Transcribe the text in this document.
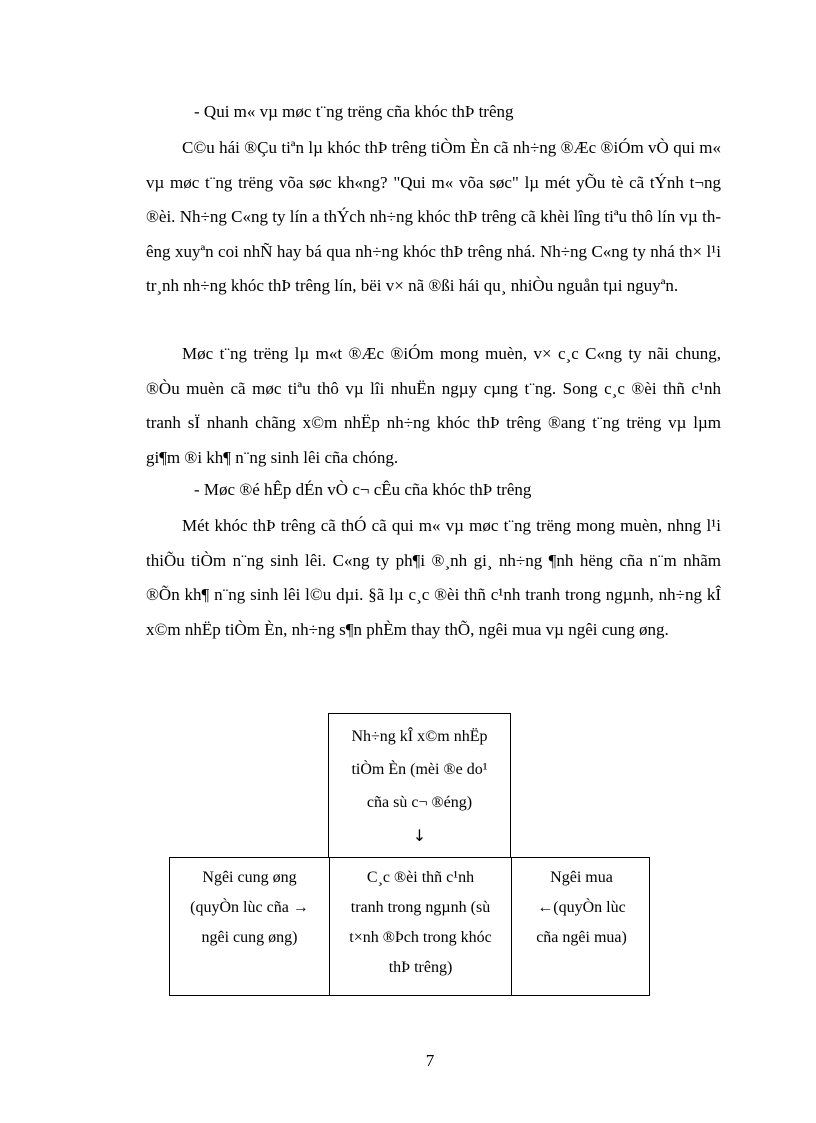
- Qui m« vµ møc t¨ng trëng cña khóc thÞ trêng
C©u hái ®Çu tiªn lµ khóc thÞ trêng tiÒm Èn cã nh÷ng ®Æc ®iÓm vÒ qui m« vµ møc t¨ng trëng võa søc kh«ng? "Qui m« võa søc" lµ mét yÕu tè cã tÝnh t¬ng ®èi. Nh÷ng C«ng ty lín a thÝch nh÷ng khóc thÞ trêng cã khèi lîng tiªu thô lín vµ thêng xuyªn coi nhÑ hay bá qua nh÷ng khóc thÞ trêng nhá. Nh÷ng C«ng ty nhá th× l¹i tr¸nh nh÷ng khóc thÞ trêng lín, bëi v× nã ®ßi hái qu¸ nhiÒu nguån tµi nguyªn.
Møc t¨ng trëng lµ m«t ®Æc ®iÓm mong muèn, v× c¸c C«ng ty nãi chung, ®Òu muèn cã møc tiªu thô vµ lîi nhuËn ngµy cµng t¨ng. Song c¸c ®èi thñ c¹nh tranh sÏ nhanh chãng x©m nhËp nh÷ng khóc thÞ trêng ®ang t¨ng trëng vµ lµm gi¶m ®i kh¶ n¨ng sinh lêi cña chóng.
- Møc ®é hÊp dÉn vÒ c¬ cÊu cña khóc thÞ trêng
Mét khóc thÞ trêng cã thÓ cã qui m« vµ møc t¨ng trëng mong muèn, nhng l¹i thiÕu tiÒm n¨ng sinh lêi. C«ng ty ph¶i ®¸nh gi¸ nh÷ng ¶nh hëng cña n¨m nhãm ®Õn kh¶ n¨ng sinh lêi l©u dµi. §ã lµ c¸c ®èi thñ c¹nh tranh trong ngµnh, nh÷ng kÎ x©m nhËp tiÒm Èn, nh÷ng s¶n phÈm thay thÕ, ngêi mua vµ ngêi cung øng.
Nh÷ng kÎ x©m nhËp
tiÒm Èn (mèi ®e do¹
cña sù c¬ ®éng)
↓
Ngêi cung øng
(quyÒn lùc cña →
ngêi cung øng)
C¸c ®èi thñ c¹nh
tranh trong ngµnh (sù
t×nh ®Þch trong khóc
thÞ trêng)
Ngêi mua
←(quyÒn lùc
cña ngêi mua)
7
